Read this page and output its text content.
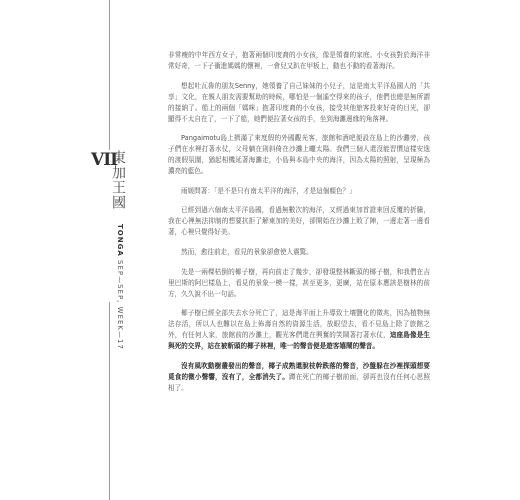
VII
東加王國
TONGA SEP—SEP, WEEK—17

非常瘦的中年西方女子，抱著兩個印度裔的小女孩，像是領養的家庭。小女孩對於海洋非常好奇，一下子衝進媽媽的懷裡，一會兒又趴在甲板上，動也不動的看著海洋。

想起吐瓦魯的朋友Senny，她領養了自己妹妹的小兒子，這是南太平洋島國人的「共享」文化，在親人朋友需要幫助的時候，哪怕是一個遙空得來的孩子，他們也總是無所謂的接納了。船上的兩個「媽咪」抱著印度裔的小女孩，接受其他旅客投來好奇的目光，卻顯得不太自在了，一下了船，她們便拉著女孩的手，坐到海灘邊緣的角落裡。

Pangaimotu島上擠滿了來度假的外國觀光客，旅館和酒吧便設在島上的沙灘旁，孩子們在水裡打著水仗，父母躺在則斜倚在沙灘上曬太陽。我們三個人還沒能習慣這樣安逸的渡假氛圍，猶起相機延著海灘走，小島與本島中央的海洋，因為太陽的照射，呈現極為濃亮的藍色。

雨媛問著：「是不是只有南太平洋的海洋，才是這個顏色？」

已經到過六個南太平洋島國，看過無數次的海洋，又經過東加首證來回反覆的折騰，我在心裡無法抑制的想要抗拒了解東加的美好，卻開始在沙灘上敗了陣，一邊走著一邊看著，心裡只覺得好美。

然而，愈往前走，看見的景象卻愈使人震驚。

先是一兩棵枯倒的椰子樹，再向前走了幾步，卻發現整林斷頭的椰子樹，和我們在吉里巴斯的阿巴樣島上，看見的景象一模一樣，甚至更多，更廣，站在原本應該是樹林的前方，久久說不出一句話。

椰子樹已經全部失去水分死亡了，這是海平面上升導致土壤鹽化的徵兆，因為植物無法存活，所以人也難以在島上佈壽自然的資源生活，放眼望去，看不見島上除了旅館之外，有任何人家，旅館前的沙灘上，觀光客們還在興奮的笑鬧著打著水仗，這座島像是生與死的交界，站在被斬頭的椰子林裡，唯一的聲音便是遊客嬉鬧的聲音。

沒有風吹動樹叢發出的聲音，椰子成熟還脫枝幹跌落的聲音，沙盤躲在沙裡探頭想要覓食的微小聲響，沒有了，全都消失了。蹲在死亡的椰子樹前面，卻再也沒有任何心思照相了。
